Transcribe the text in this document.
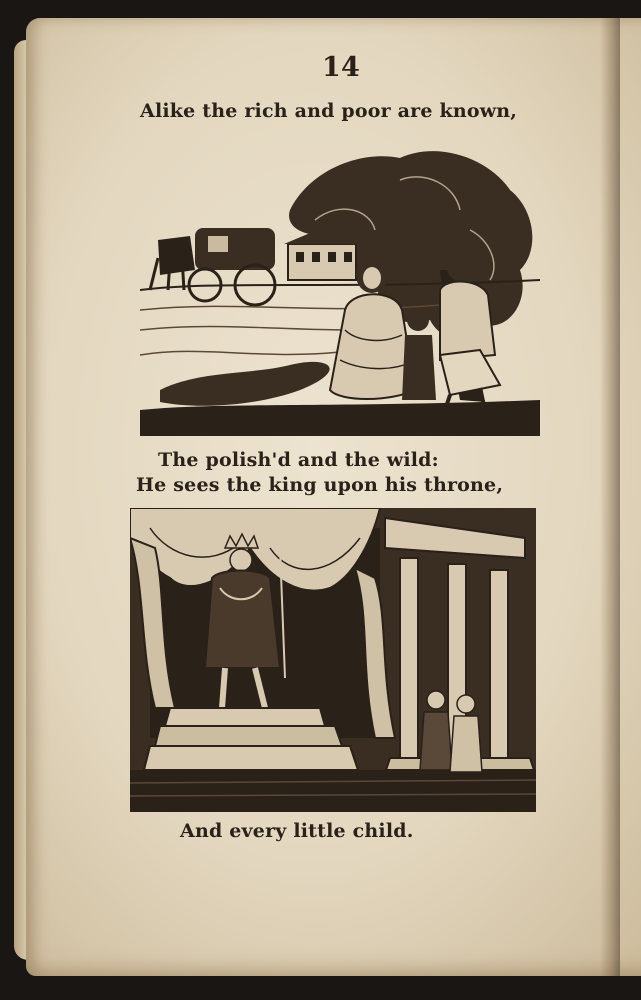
14

Alike the rich and poor are known,

The polish'd and the wild:

He sees the king upon his throne,

And every little child.
